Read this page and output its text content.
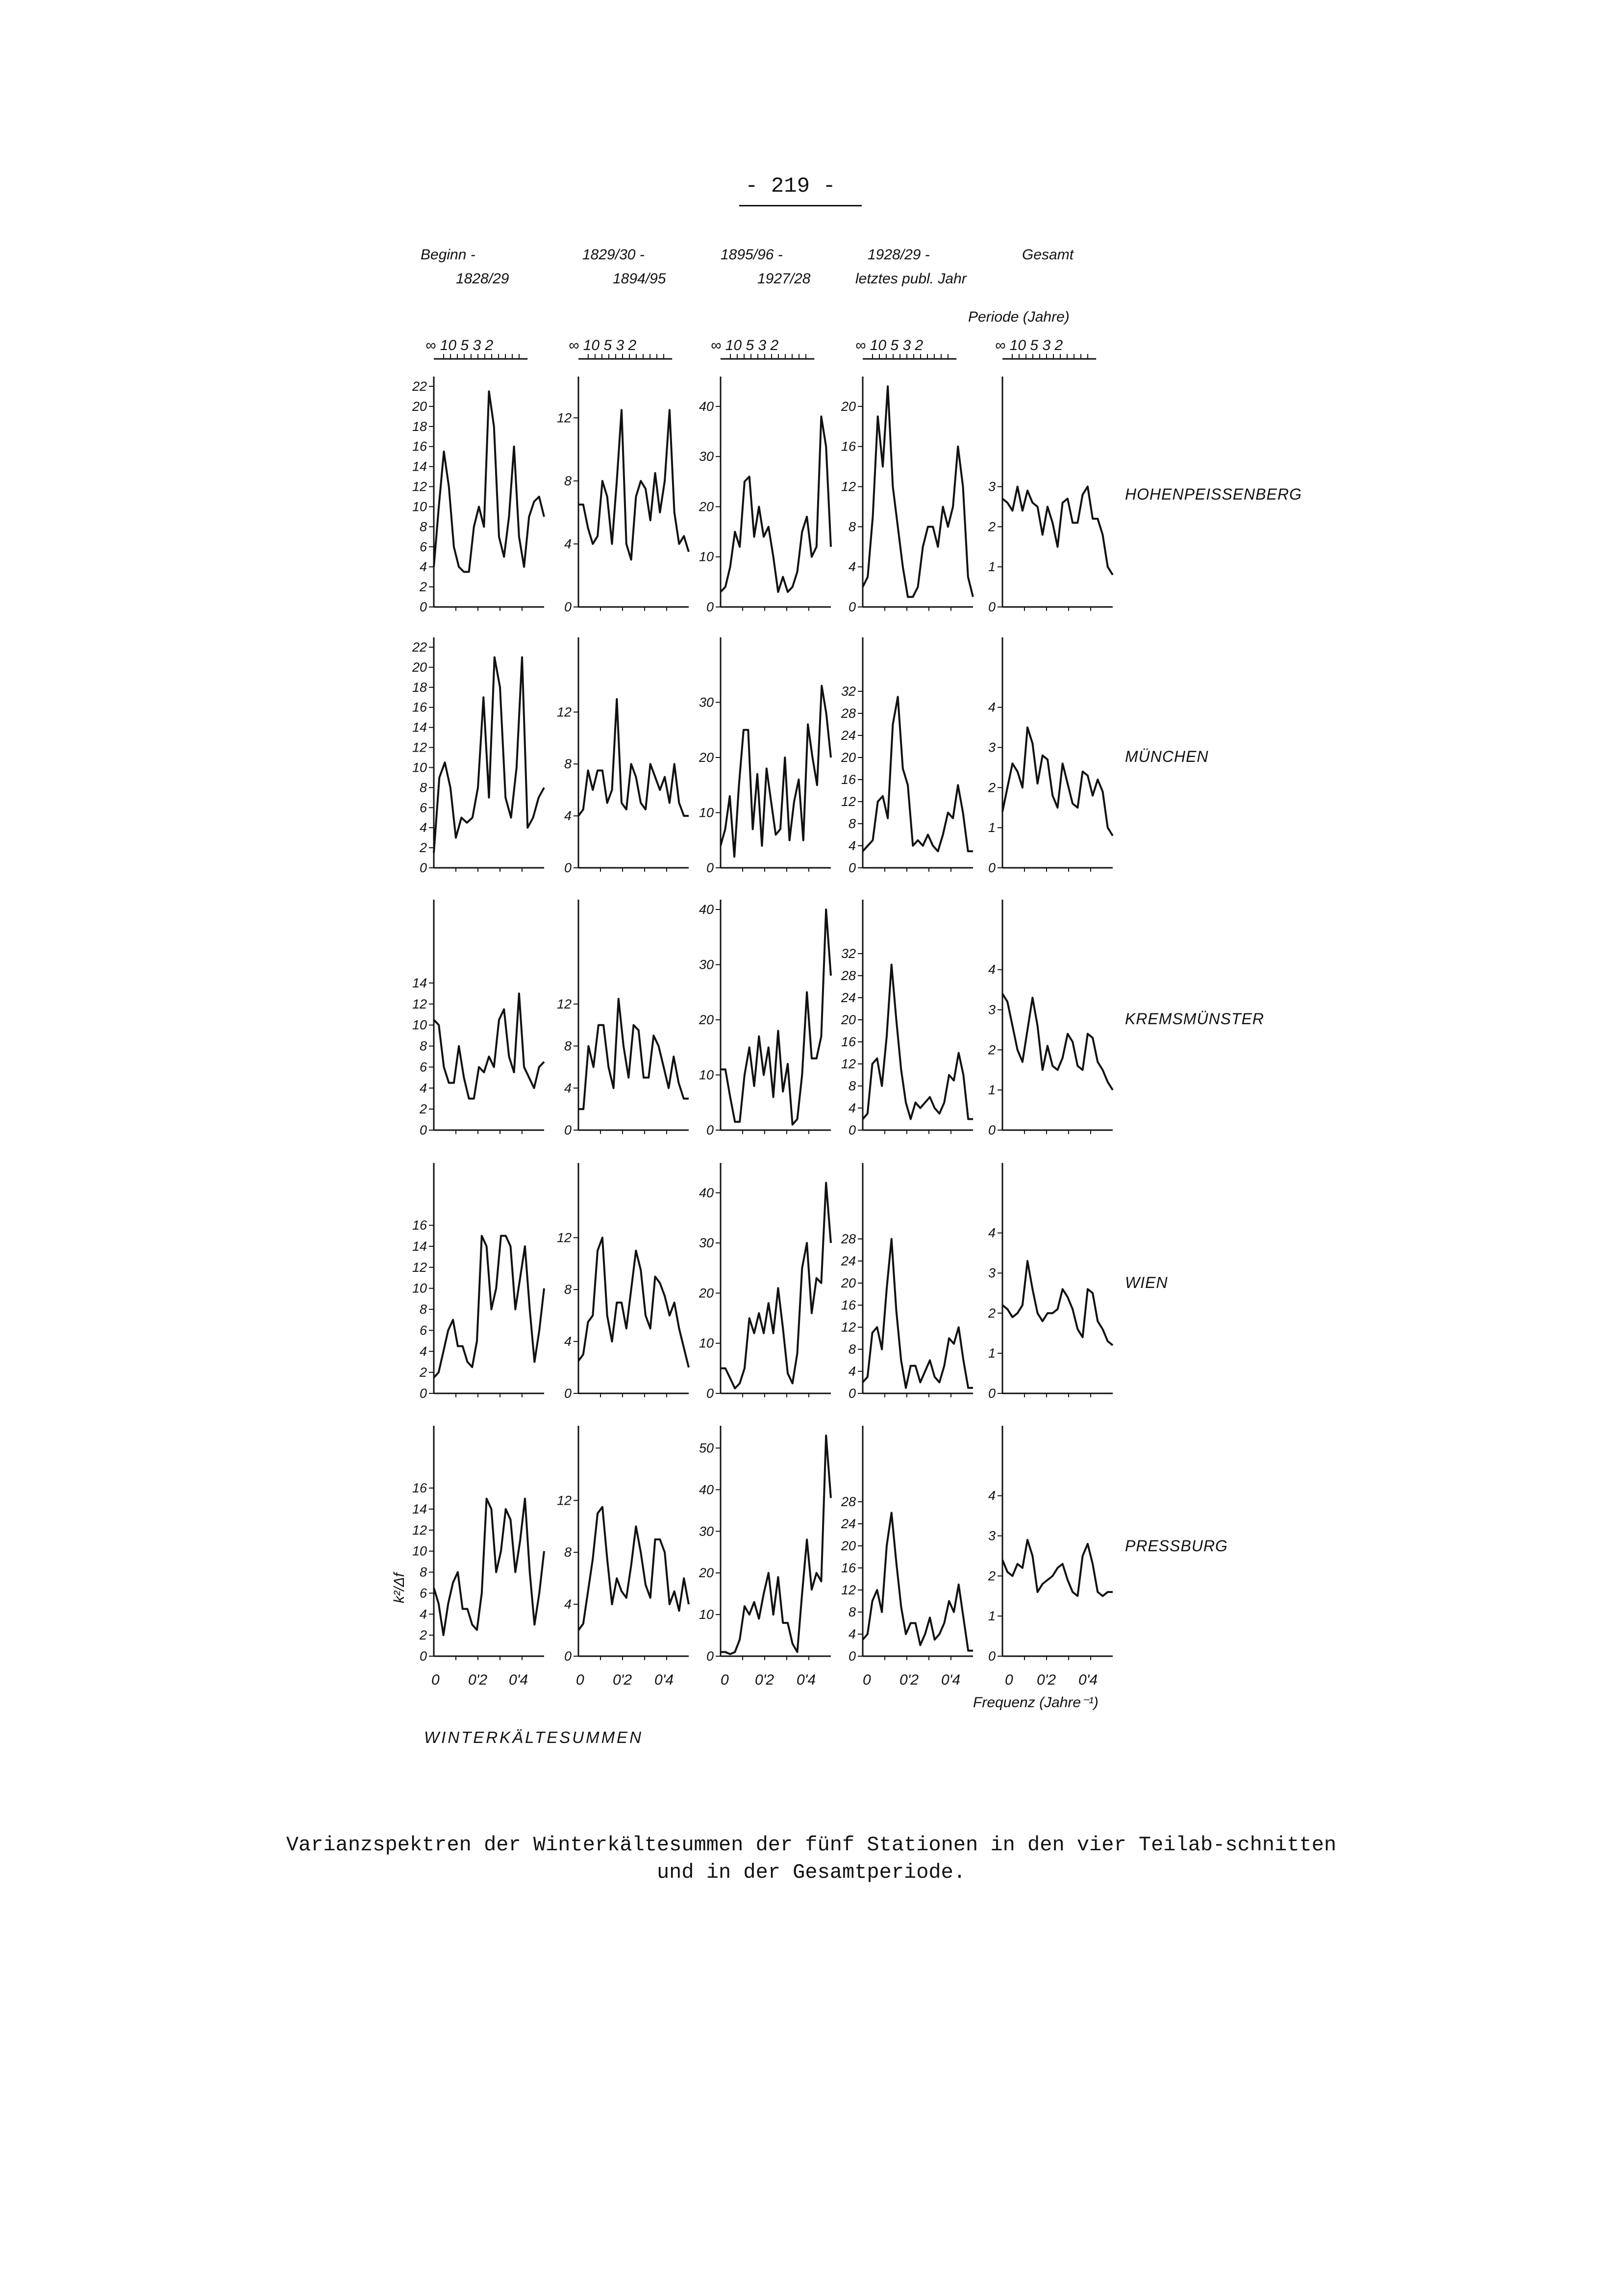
- 219 -
Beginn -
1828/29
1829/30 -
1894/95
1895/96 -
1927/28
1928/29 -
letztes publ. Jahr
Gesamt
Periode (Jahre)
∞ 10 5 3 2	∞ 10 5 3 2	∞ 10 5 3 2	∞ 10 5 3 2	∞ 10 5 3 2
HOHENPEISSENBERG
MÜNCHEN
KREMSMÜNSTER
WIEN
PRESSBURG
0 0'2 0'4	0 0'2 0'4	0 0'2 0'4	0 0'2 0'4	0 0'2 0'4
Frequenz (Jahre⁻¹)
k²/Δf
WINTERKÄLTESUMMEN
Varianzspektren der Winterkältesummen der fünf Stationen in den vier Teilab-schnitten und in der Gesamtperiode.
0
2
4
6
8
10
12
14
16
18
20
22
0
4
8
12
0
10
20
30
40
0
4
8
12
16
20
0
1
2
3
0
2
4
6
8
10
12
14
16
18
20
22
0
4
8
12
0
10
20
30
0
4
8
12
16
20
24
28
32
0
1
2
3
4
0
2
4
6
8
10
12
14
0
4
8
12
0
10
20
30
40
0
4
8
12
16
20
24
28
32
0
1
2
3
4
0
2
4
6
8
10
12
14
16
0
4
8
12
0
10
20
30
40
0
4
8
12
16
20
24
28
0
1
2
3
4
0
2
4
6
8
10
12
14
16
0
4
8
12
0
10
20
30
40
50
0
4
8
12
16
20
24
28
0
1
2
3
4
